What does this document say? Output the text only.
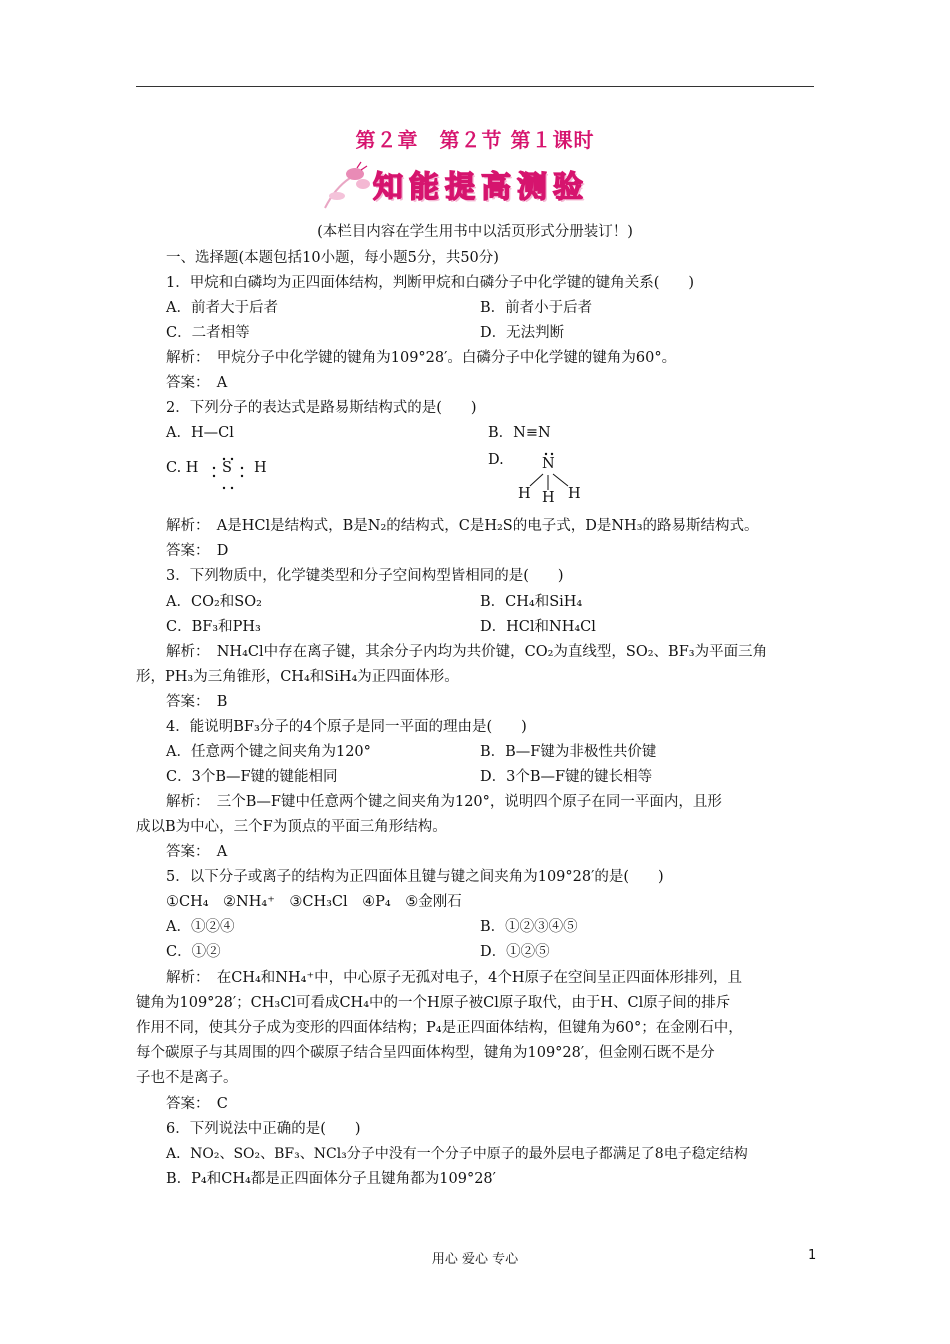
第２章　第２节 第１课时
知能提高测验
(本栏目内容在学生用书中以活页形式分册装订！)
一、选择题(本题包括10小题，每小题5分，共50分)
1．甲烷和白磷均为正四面体结构，判断甲烷和白磷分子中化学键的键角关系(　　)
A．前者大于后者	B．前者小于后者
C．二者相等	D．无法判断
解析：　甲烷分子中化学键的键角为109°28′。白磷分子中化学键的键角为60°。
答案：　A
2．下列分子的表达式是路易斯结构式的是(　　)
A．H—Cl	B．N≡N
C. H S H	D.	N
H H H
解析：　A是HCl是结构式，B是N₂的结构式，C是H₂S的电子式，D是NH₃的路易斯结构式。
答案：　D
3．下列物质中，化学键类型和分子空间构型皆相同的是(　　)
A．CO₂和SO₂	B．CH₄和SiH₄
C．BF₃和PH₃	D．HCl和NH₄Cl
解析：　NH₄Cl中存在离子键，其余分子内均为共价键，CO₂为直线型，SO₂、BF₃为平面三角
形，PH₃为三角锥形，CH₄和SiH₄为正四面体形。
答案：　B
4．能说明BF₃分子的4个原子是同一平面的理由是(　　)
A．任意两个键之间夹角为120°	B．B—F键为非极性共价键
C．3个B—F键的键能相同	D．3个B—F键的键长相等
解析：　三个B—F键中任意两个键之间夹角为120°，说明四个原子在同一平面内，且形
成以B为中心，三个F为顶点的平面三角形结构。
答案：　A
5．以下分子或离子的结构为正四面体且键与键之间夹角为109°28′的是(　　)
①CH₄　②NH₄⁺　③CH₃Cl　④P₄　⑤金刚石
A．①②④	B．①②③④⑤
C．①②	D．①②⑤
解析：　在CH₄和NH₄⁺中，中心原子无孤对电子，4个H原子在空间呈正四面体形排列，且
键角为109°28′；CH₃Cl可看成CH₄中的一个H原子被Cl原子取代，由于H、Cl原子间的排斥
作用不同，使其分子成为变形的四面体结构；P₄是正四面体结构，但键角为60°；在金刚石中，
每个碳原子与其周围的四个碳原子结合呈四面体构型，键角为109°28′，但金刚石既不是分
子也不是离子。
答案：　C
6．下列说法中正确的是(　　)
A．NO₂、SO₂、BF₃、NCl₃分子中没有一个分子中原子的最外层电子都满足了8电子稳定结构
B．P₄和CH₄都是正四面体分子且键角都为109°28′
用心 爱心 专心	1
